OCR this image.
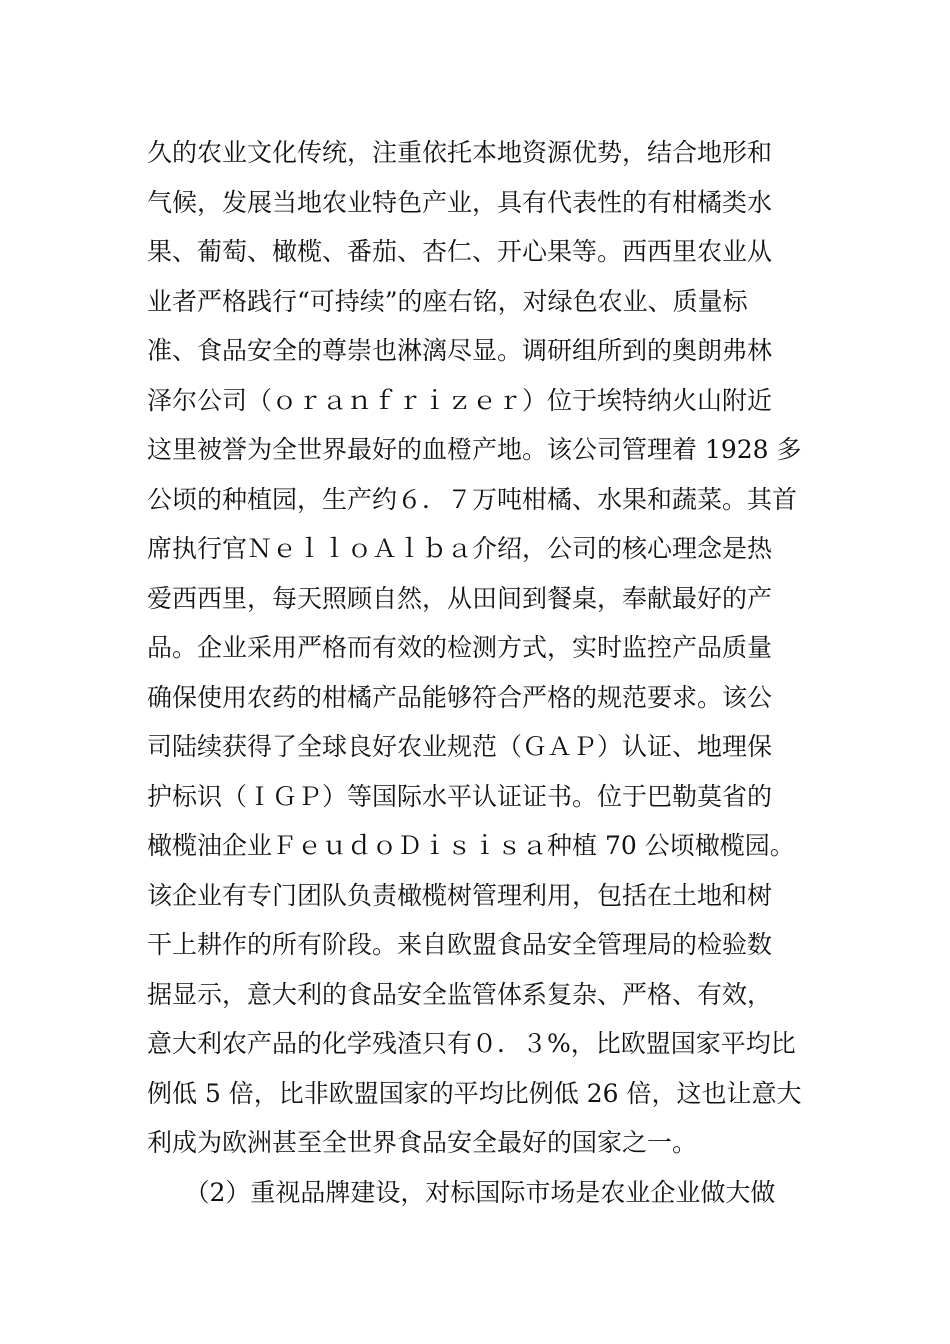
久的农业文化传统，注重依托本地资源优势，结合地形和
气候，发展当地农业特色产业，具有代表性的有柑橘类水
果、葡萄、橄榄、番茄、杏仁、开心果等。西西里农业从
业者严格践行“可持续”的座右铭，对绿色农业、质量标
准、食品安全的尊崇也淋漓尽显。调研组所到的奥朗弗林
泽尔公司（ｏｒａｎｆｒｉｚｅｒ）位于埃特纳火山附近
这里被誉为全世界最好的血橙产地。该公司管理着 1928 多
公顷的种植园，生产约６．７万吨柑橘、水果和蔬菜。其首
席执行官ＮｅｌｌｏＡｌｂａ介绍，公司的核心理念是热
爱西西里，每天照顾自然，从田间到餐桌，奉献最好的产
品。企业采用严格而有效的检测方式，实时监控产品质量
确保使用农药的柑橘产品能够符合严格的规范要求。该公
司陆续获得了全球良好农业规范（ＧＡＰ）认证、地理保
护标识（ＩＧＰ）等国际水平认证证书。位于巴勒莫省的
橄榄油企业ＦｅｕｄｏＤｉｓｉｓａ种植 70 公顷橄榄园。
该企业有专门团队负责橄榄树管理利用，包括在土地和树
干上耕作的所有阶段。来自欧盟食品安全管理局的检验数
据显示，意大利的食品安全监管体系复杂、严格、有效，
意大利农产品的化学残渣只有０．３%，比欧盟国家平均比
例低 5 倍，比非欧盟国家的平均比例低 26 倍，这也让意大
利成为欧洲甚至全世界食品安全最好的国家之一。
　　（2）重视品牌建设，对标国际市场是农业企业做大做
